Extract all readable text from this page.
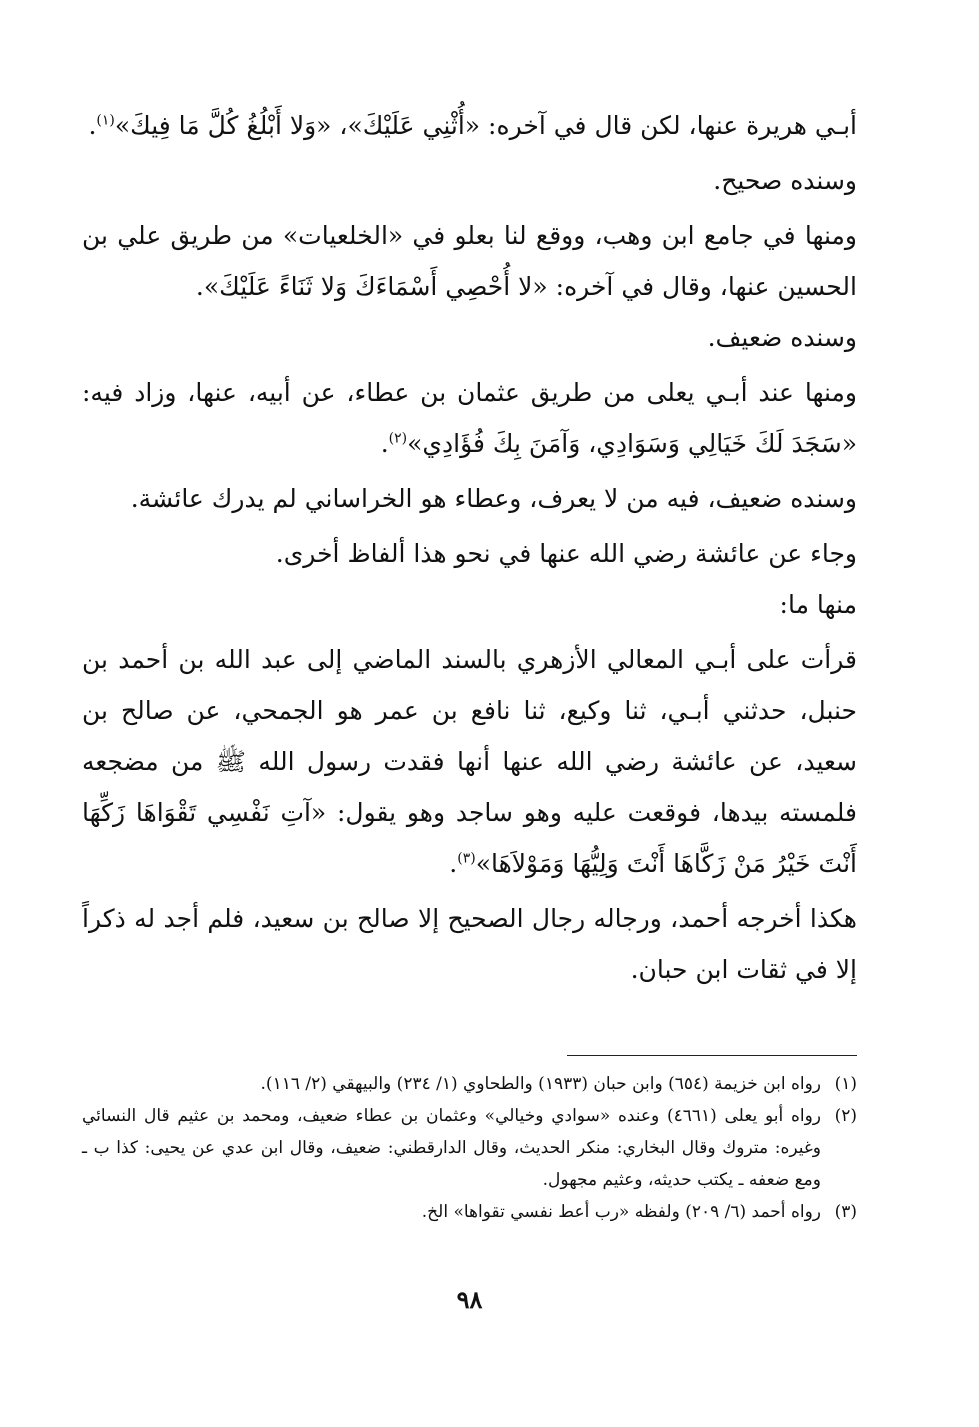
أبـي هريرة عنها، لكن قال في آخره: «أُثْنِي عَلَيْكَ»، «وَلا أَبْلُغُ كُلَّ مَا فِيكَ»$^{(١)}$.

وسنده صحيح.

ومنها في جامع ابن وهب، ووقع لنا بعلو في «الخلعيات» من طريق علي بن الحسين عنها، وقال في آخره: «لا أُحْصِي أَسْمَاءَكَ وَلا ثَنَاءً عَلَيْكَ».

وسنده ضعيف.

ومنها عند أبـي يعلى من طريق عثمان بن عطاء، عن أبيه، عنها، وزاد فيه: «سَجَدَ لَكَ خَيَالِي وَسَوَادِي، وَآمَنَ بِكَ فُؤَادِي»$^{(٢)}$.

وسنده ضعيف، فيه من لا يعرف، وعطاء هو الخراساني لم يدرك عائشة.

وجاء عن عائشة رضي الله عنها في نحو هذا ألفاظ أخرى.

منها ما:

قرأت على أبـي المعالي الأزهري بالسند الماضي إلى عبد الله بن أحمد بن حنبل، حدثني أبـي، ثنا وكيع، ثنا نافع بن عمر هو الجمحي، عن صالح بن سعيد، عن عائشة رضي الله عنها أنها فقدت رسول الله ﷺ من مضجعه فلمسته بيدها، فوقعت عليه وهو ساجد وهو يقول: «آتِ نَفْسِي تَقْوَاهَا زَكِّهَا أَنْتَ خَيْرُ مَنْ زَكَّاهَا أَنْتَ وَلِيُّهَا وَمَوْلاَهَا»$^{(٣)}$.

هكذا أخرجه أحمد، ورجاله رجال الصحيح إلا صالح بن سعيد، فلم أجد له ذكراً إلا في ثقات ابن حبان.

(١)
رواه ابن خزيمة (٦٥٤) وابن حبان (١٩٣٣) والطحاوي (١/ ٢٣٤) والبيهقي (٢/ ١١٦).
(٢)
رواه أبو يعلى (٤٦٦١) وعنده «سوادي وخيالي» وعثمان بن عطاء ضعيف، ومحمد بن عثيم قال النسائي وغيره: متروك وقال البخاري: منكر الحديث، وقال الدارقطني: ضعيف، وقال ابن عدي عن يحيى: كذا ب ـ ومع ضعفه ـ يكتب حديثه، وعثيم مجهول.
(٣)
رواه أحمد (٦/ ٢٠٩) ولفظه «رب أعط نفسي تقواها» الخ.
٩٨
